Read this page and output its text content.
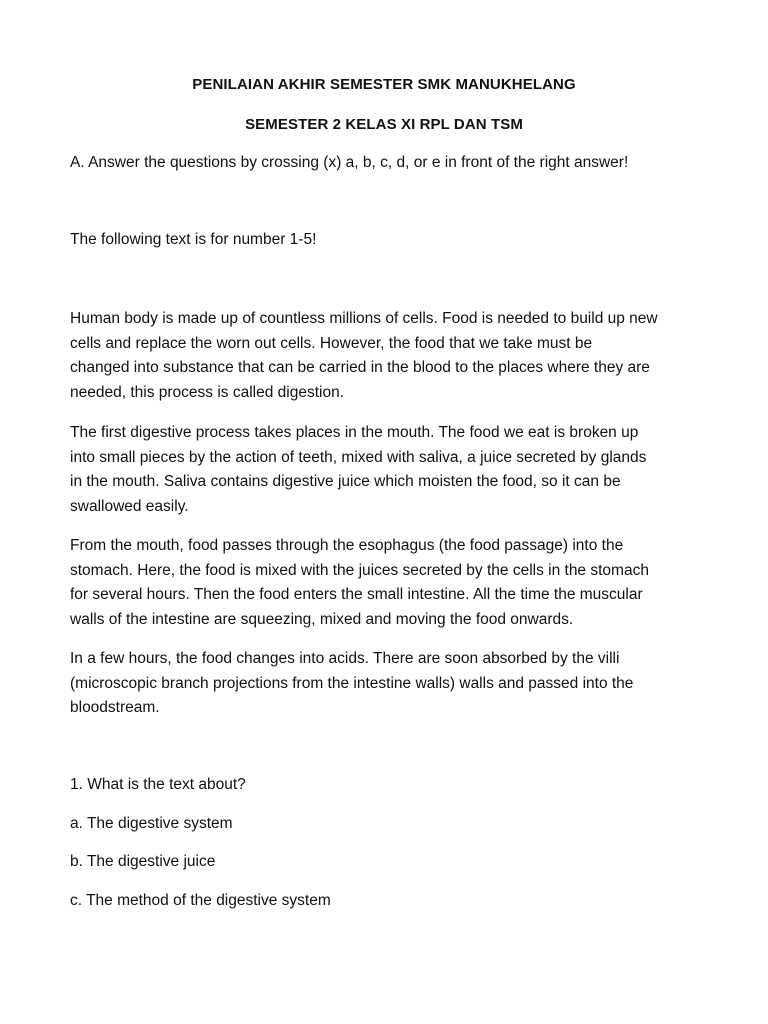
PENILAIAN AKHIR SEMESTER SMK MANUKHELANG
SEMESTER 2 KELAS XI RPL DAN TSM
A. Answer the questions by crossing (x) a, b, c, d, or e in front of the right answer!
The following text is for number 1-5!
Human body is made up of countless millions of cells. Food is needed to build up new
cells and replace the worn out cells. However, the food that we take must be
changed into substance that can be carried in the blood to the places where they are
needed, this process is called digestion.
The first digestive process takes places in the mouth. The food we eat is broken up
into small pieces by the action of teeth, mixed with saliva, a juice secreted by glands
in the mouth. Saliva contains digestive juice which moisten the food, so it can be
swallowed easily.
From the mouth, food passes through the esophagus (the food passage) into the
stomach. Here, the food is mixed with the juices secreted by the cells in the stomach
for several hours. Then the food enters the small intestine. All the time the muscular
walls of the intestine are squeezing, mixed and moving the food onwards.
In a few hours, the food changes into acids. There are soon absorbed by the villi
(microscopic branch projections from the intestine walls) walls and passed into the
bloodstream.
1. What is the text about?
a. The digestive system
b. The digestive juice
c. The method of the digestive system
